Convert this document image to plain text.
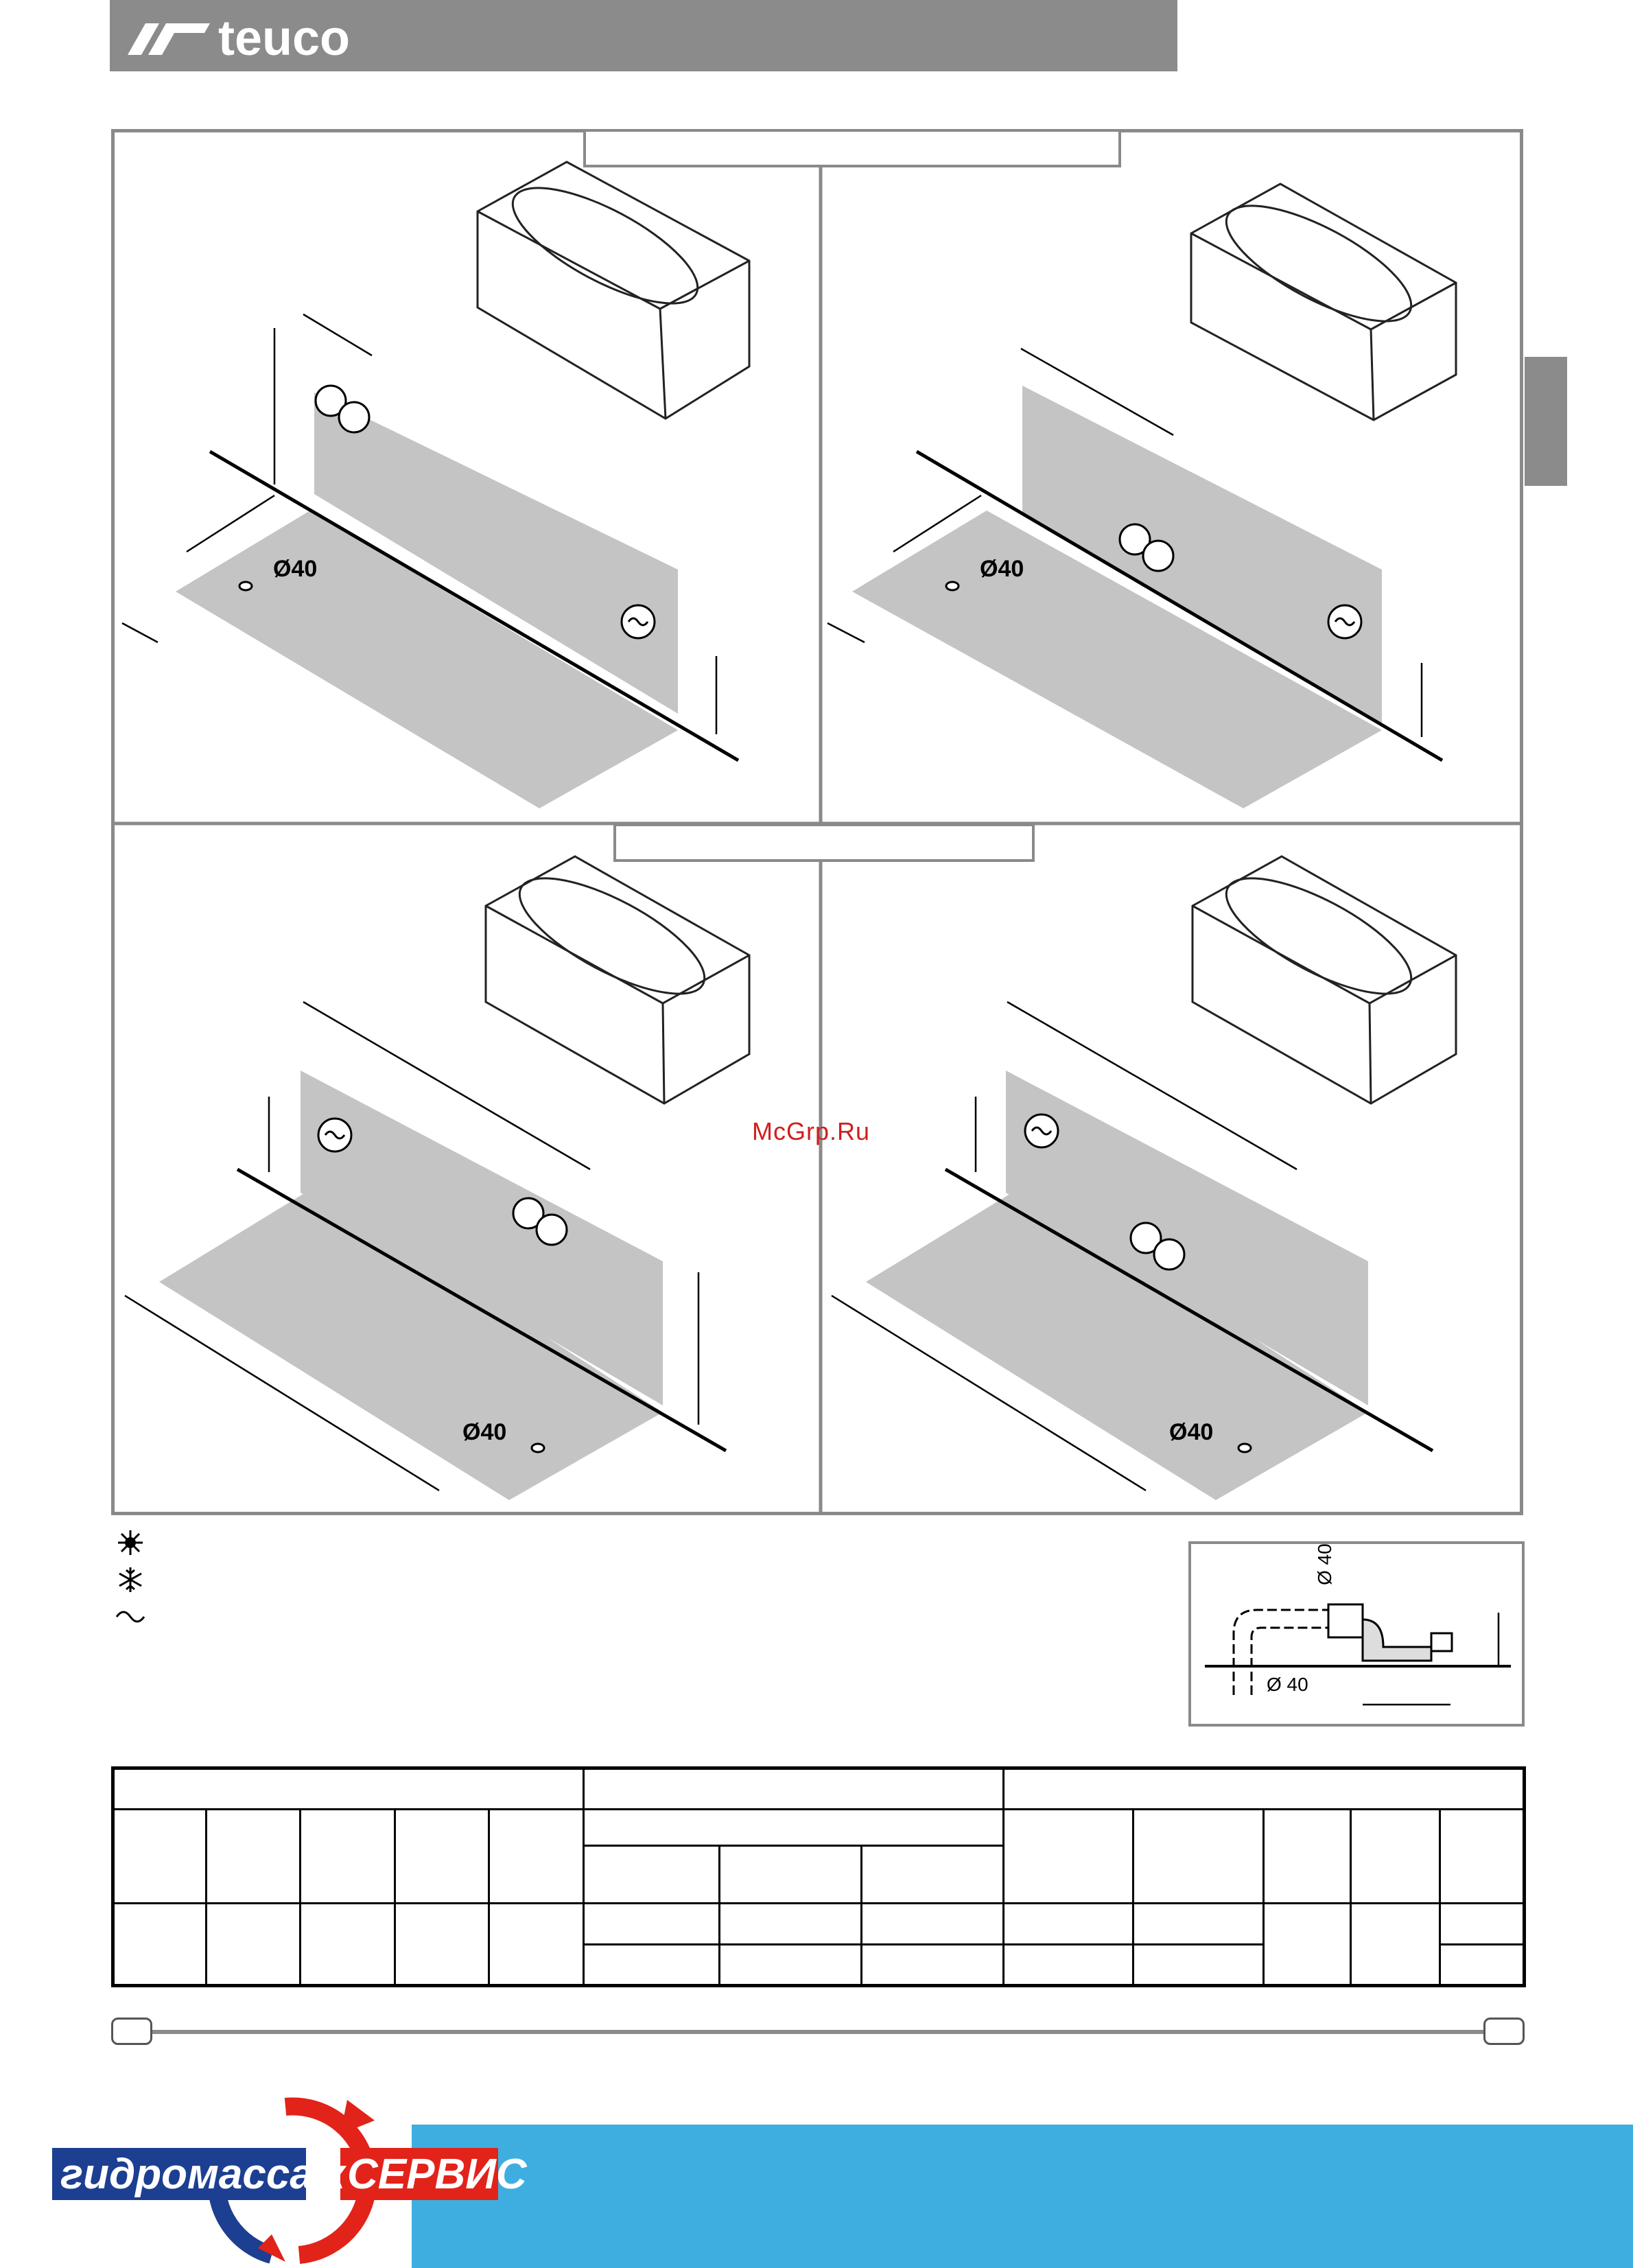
teuco
Ø40	Ø40
Ø40	Ø40
McGrp.Ru
Ø 40
Ø 40

гидромассаж СЕРВИС
